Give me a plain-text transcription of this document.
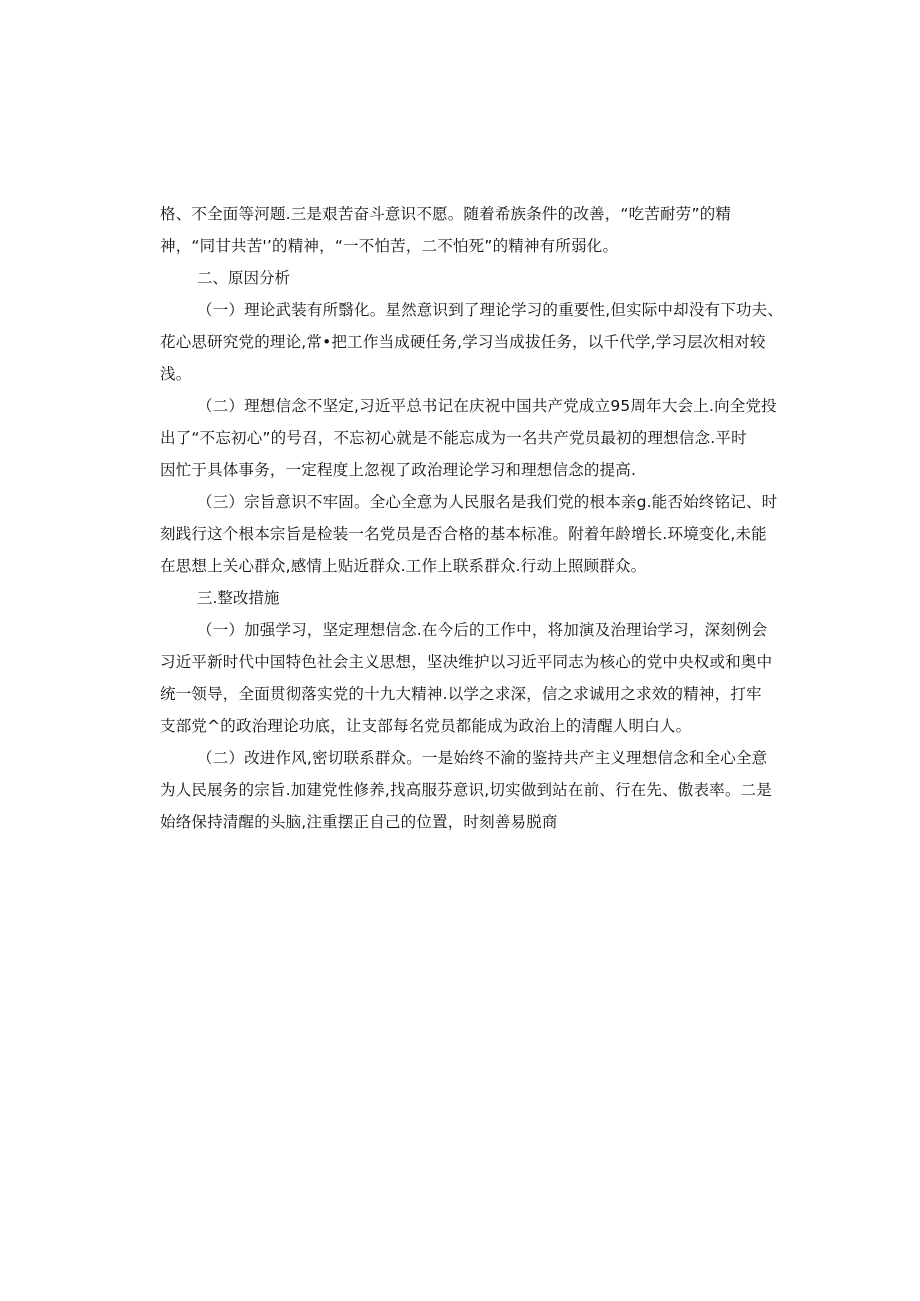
格、不全面等河题.三是艰苦奋斗意识不愿。随着希族条件的改善，“吃苦耐劳”的精
神，“同甘共苦'’的精神，“一不怕苦，二不怕死”的精神有所弱化。

二、原因分析

（一）理论武装有所翳化。星然意识到了理论学习的重要性,但实际中却没有下功夫、
花心思研究党的理论,常•把工作当成硬任务,学习当成拔任务，以千代学,学习层次相对较
浅。

（二）理想信念不坚定,习近平总书记在庆祝中国共产党成立95周年大会上.向全党投
出了“不忘初心”的号召，不忘初心就是不能忘成为一名共产党员最初的理想信念.平时
因忙于具体事务，一定程度上忽视了政治理论学习和理想信念的提高.

（三）宗旨意识不牢固。全心全意为人民服名是我们党的根本亲g.能否始终铭记、时
刻践行这个根本宗旨是检装一名党员是否合格的基本标准。附着年龄增长.环境变化,未能
在思想上关心群众,感情上贴近群众.工作上联系群众.行动上照顾群众。

三.整改措施

（一）加强学习，坚定理想信念.在今后的工作中，将加演及治理诒学习，深刻例会
习近平新时代中国特色社会主义思想，坚决维护以习近平同志为核心的党中央权或和奥中
统一领导，全面贯彻落实党的十九大精神.以学之求深，信之求诚用之求效的精神，打牢
支部党^的政治理论功底，让支部每名党员都能成为政治上的清醒人明白人。

（二）改进作风,密切联系群众。一是始终不渝的鉴持共产主义理想信念和全心全意
为人民展务的宗旨.加建党性修养,找高服芬意识,切实做到站在前、行在先、傲表率。二是
始络保持清醒的头脑,注重摆正自己的位置，时刻善易脱商
